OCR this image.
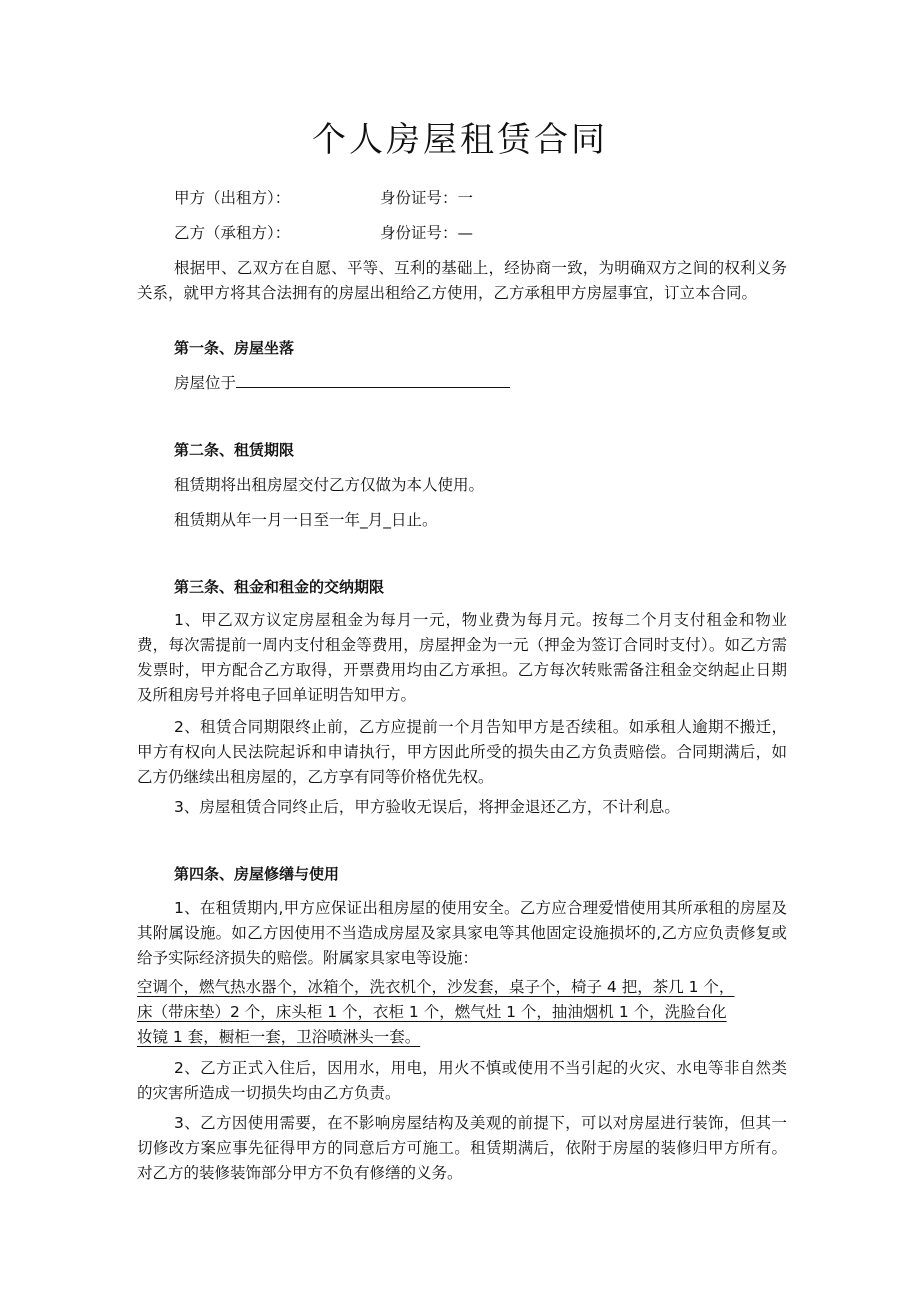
个人房屋租赁合同
甲方（出租方）：	身份证号：一
乙方（承租方）：	身份证号：—

根据甲、乙双方在自愿、平等、互利的基础上，经协商一致，为明确双方之间的权利义务关系，就甲方将其合法拥有的房屋出租给乙方使用，乙方承租甲方房屋事宜，订立本合同。

第一条、房屋坐落

房屋位于

第二条、租赁期限

租赁期将出租房屋交付乙方仅做为本人使用。
租赁期从年一月一日至一年_月_日止。

第三条、租金和租金的交纳期限

1、甲乙双方议定房屋租金为每月一元，物业费为每月元。按每二个月支付租金和物业费，每次需提前一周内支付租金等费用，房屋押金为一元（押金为签订合同时支付）。如乙方需发票时，甲方配合乙方取得，开票费用均由乙方承担。乙方每次转账需备注租金交纳起止日期及所租房号并将电子回单证明告知甲方。

2、租赁合同期限终止前，乙方应提前一个月告知甲方是否续租。如承租人逾期不搬迁，甲方有权向人民法院起诉和申请执行，甲方因此所受的损失由乙方负责赔偿。合同期满后，如乙方仍继续出租房屋的，乙方享有同等价格优先权。

3、房屋租赁合同终止后，甲方验收无误后，将押金退还乙方，不计利息。

第四条、房屋修缮与使用

1、在租赁期内,甲方应保证出租房屋的使用安全。乙方应合理爱惜使用其所承租的房屋及其附属设施。如乙方因使用不当造成房屋及家具家电等其他固定设施损坏的,乙方应负责修复或给予实际经济损失的赔偿。附属家具家电等设施：

空调个，燃气热水器个，冰箱个，洗衣机个，沙发套，桌子个，椅子 4 把，茶几 1 个，
床（带床垫）2 个，床头柜 1 个，衣柜 1 个，燃气灶 1 个，抽油烟机 1 个，洗脸台化
妆镜 1 套，橱柜一套，卫浴喷淋头一套。

2、乙方正式入住后，因用水，用电，用火不慎或使用不当引起的火灾、水电等非自然类的灾害所造成一切损失均由乙方负责。

3、乙方因使用需要，在不影响房屋结构及美观的前提下，可以对房屋进行装饰，但其一切修改方案应事先征得甲方的同意后方可施工。租赁期满后，依附于房屋的装修归甲方所有。对乙方的装修装饰部分甲方不负有修缮的义务。
